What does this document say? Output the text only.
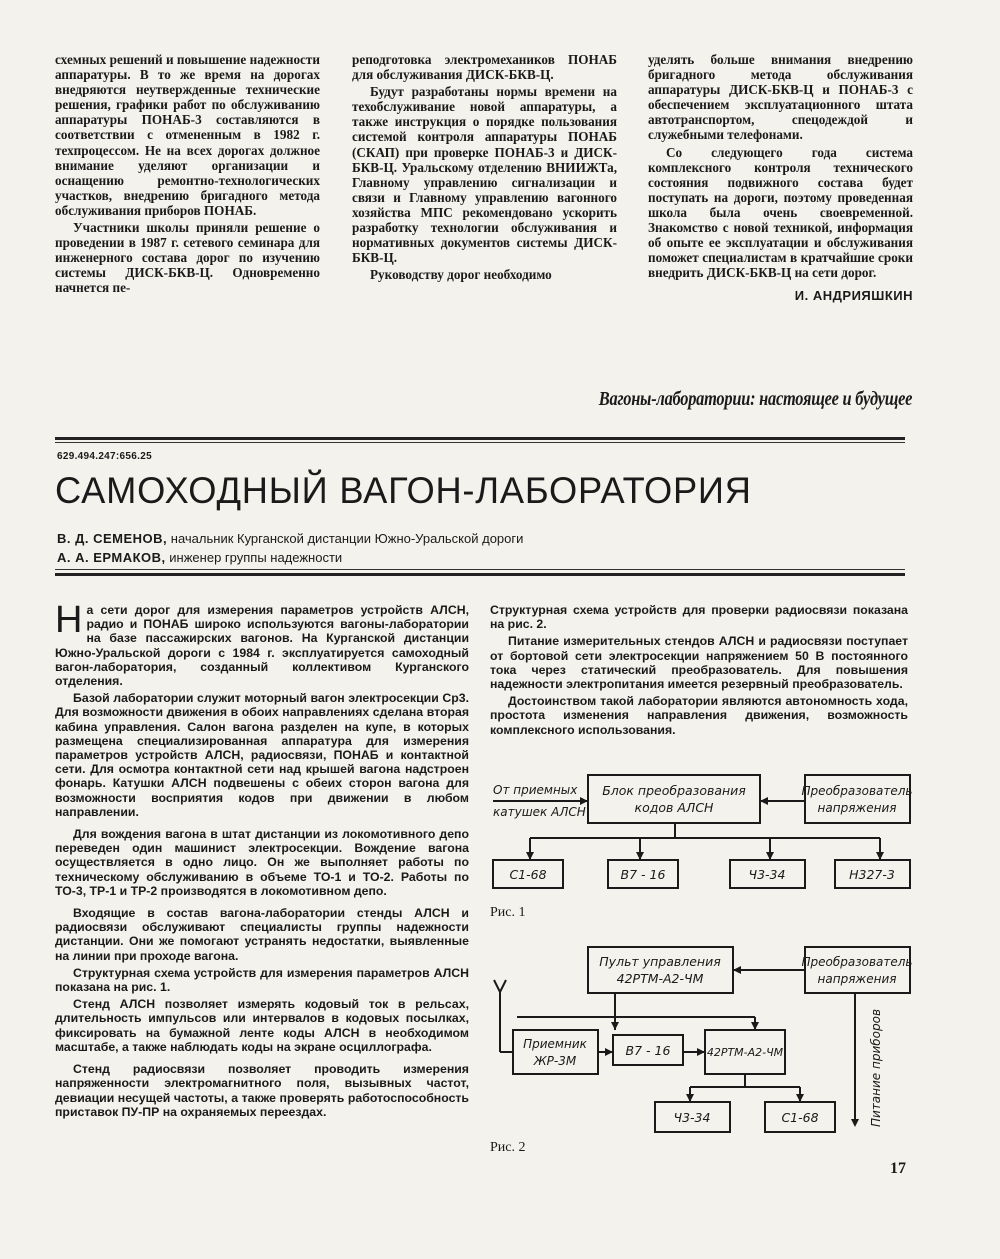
схемных решений и повышение надежности аппаратуры. В то же время на дорогах внедряются неутвержденные технические решения, графики работ по обслуживанию аппаратуры ПОНАБ-3 составляются в соответствии с отмененным в 1982 г. техпроцессом. Не на всех дорогах должное внимание уделяют организации и оснащению ремонтно-технологических участков, внедрению бригадного метода обслуживания приборов ПОНАБ.

Участники школы приняли решение о проведении в 1987 г. сетевого семинара для инженерного состава дорог по изучению системы ДИСК-БКВ-Ц. Одновременно начнется пе-

реподготовка электромехаников ПОНАБ для обслуживания ДИСК-БКВ-Ц.

Будут разработаны нормы времени на техобслуживание новой аппаратуры, а также инструкция о порядке пользования системой контроля аппаратуры ПОНАБ (СКАП) при проверке ПОНАБ-3 и ДИСК-БКВ-Ц. Уральскому отделению ВНИИЖТа, Главному управлению сигнализации и связи и Главному управлению вагонного хозяйства МПС рекомендовано ускорить разработку технологии обслуживания и нормативных документов системы ДИСК-БКВ-Ц.

Руководству дорог необходимо

уделять больше внимания внедрению бригадного метода обслуживания аппаратуры ДИСК-БКВ-Ц и ПОНАБ-3 с обеспечением эксплуатационного штата автотранспортом, спецодеждой и служебными телефонами.

Со следующего года система комплексного контроля технического состояния подвижного состава будет поступать на дороги, поэтому проведенная школа была очень своевременной. Знакомство с новой техникой, информация об опыте ее эксплуатации и обслуживания поможет специалистам в кратчайшие сроки внедрить ДИСК-БКВ-Ц на сети дорог.

И. АНДРИЯШКИН
Вагоны-лаборатории: настоящее и будущее
629.494.247:656.25
САМОХОДНЫЙ ВАГОН-ЛАБОРАТОРИЯ
В. Д. СЕМЕНОВ, начальник Курганской дистанции Южно-Уральской дороги
А. А. ЕРМАКОВ, инженер группы надежности

На сети дорог для измерения параметров устройств АЛСН, радио и ПОНАБ широко используются вагоны-лаборатории на базе пассажирских вагонов. На Курганской дистанции Южно-Уральской дороги с 1984 г. эксплуатируется самоходный вагон-лаборатория, созданный коллективом Курганского отделения.

Базой лаборатории служит моторный вагон электросекции Ср3. Для возможности движения в обоих направлениях сделана вторая кабина управления. Салон вагона разделен на купе, в которых размещена специализированная аппаратура для измерения параметров устройств АЛСН, радиосвязи, ПОНАБ и контактной сети. Для осмотра контактной сети над крышей вагона надстроен фонарь. Катушки АЛСН подвешены с обеих сторон вагона для возможности восприятия кодов при движении в любом направлении.

Для вождения вагона в штат дистанции из локомотивного депо переведен один машинист электросекции. Вождение вагона осуществляется в одно лицо. Он же выполняет работы по техническому обслуживанию в объеме ТО-1 и ТО-2. Работы по ТО-3, ТР-1 и ТР-2 производятся в локомотивном депо.

Входящие в состав вагона-лаборатории стенды АЛСН и радиосвязи обслуживают специалисты группы надежности дистанции. Они же помогают устранять недостатки, выявленные на линии при проходе вагона.

Структурная схема устройств для измерения параметров АЛСН показана на рис. 1.

Стенд АЛСН позволяет измерять кодовый ток в рельсах, длительность импульсов или интервалов в кодовых посылках, фиксировать на бумажной ленте коды АЛСН в необходимом масштабе, а также наблюдать коды на экране осциллографа.

Стенд радиосвязи позволяет проводить измерения напряженности электромагнитного поля, вызывных частот, девиации несущей частоты, а также проверять работоспособность приставок ПУ-ПР на охраняемых переездах.

Структурная схема устройств для проверки радиосвязи показана на рис. 2.

Питание измерительных стендов АЛСН и радиосвязи поступает от бортовой сети электросекции напряжением 50 В постоянного тока через статический преобразователь. Для повышения надежности электропитания имеется резервный преобразователь.

Достоинством такой лаборатории являются автономность хода, простота изменения направления движения, возможность комплексного использования.

От приемных
катушек АЛСН
Блок преобразования
кодов АЛСН
Преобразователь
напряжения
С1-68	В7 - 16	Ч3-34	Н327-3
Рис. 1
Пульт управления
42РТМ-А2-ЧМ
Преобразователь
напряжения
Приемник
ЖР-3М
В7 - 16	42РТМ-А2-ЧМ
Ч3-34	С1-68	Питание приборов
Рис. 2
17
